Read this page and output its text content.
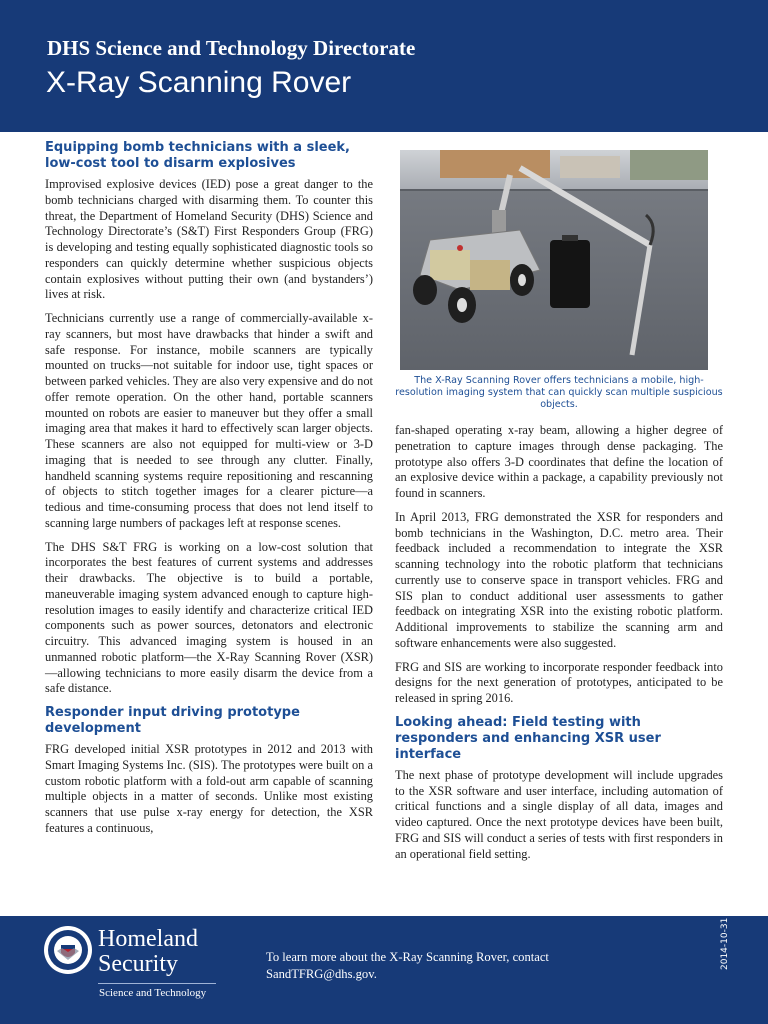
DHS Science and Technology Directorate
X-Ray Scanning Rover
Equipping bomb technicians with a sleek, low-cost tool to disarm explosives

Improvised explosive devices (IED) pose a great danger to the bomb technicians charged with disarming them. To counter this threat, the Department of Homeland Security (DHS) Science and Technology Directorate’s (S&T) First Responders Group (FRG) is developing and testing equally sophisticated diagnostic tools so responders can quickly determine whether suspicious objects contain explosives without putting their own (and bystanders’) lives at risk.

Technicians currently use a range of commercially-available x-ray scanners, but most have drawbacks that hinder a swift and safe response. For instance, mobile scanners are typically mounted on trucks—not suitable for indoor use, tight spaces or between parked vehicles. They are also very expensive and do not offer remote operation. On the other hand, portable scanners mounted on robots are easier to maneuver but they offer a small imaging area that makes it hard to effectively scan larger objects. These scanners are also not equipped for multi-view or 3-D imaging that is needed to see through any clutter. Finally, handheld scanning systems require repositioning and rescanning of objects to stitch together images for a clearer picture—a tedious and time-consuming process that does not lend itself to scanning large numbers of packages left at response scenes.

The DHS S&T FRG is working on a low-cost solution that incorporates the best features of current systems and addresses their drawbacks. The objective is to build a portable, maneuverable imaging system advanced enough to capture high-resolution images to easily identify and characterize critical IED components such as power sources, detonators and electronic circuitry. This advanced imaging system is housed in an unmanned robotic platform—the X-Ray Scanning Rover (XSR)—allowing technicians to more easily disarm the device from a safe distance.

Responder input driving prototype development

FRG developed initial XSR prototypes in 2012 and 2013 with Smart Imaging Systems Inc. (SIS). The prototypes were built on a custom robotic platform with a fold-out arm capable of scanning multiple objects in a matter of seconds. Unlike most existing scanners that use pulse x-ray energy for detection, the XSR features a continuous,

The X-Ray Scanning Rover offers technicians a mobile, high-resolution imaging system that can quickly scan multiple suspicious objects.

fan-shaped operating x-ray beam, allowing a higher degree of penetration to capture images through dense packaging. The prototype also offers 3-D coordinates that define the location of an explosive device within a package, a capability previously not found in scanners.

In April 2013, FRG demonstrated the XSR for responders and bomb technicians in the Washington, D.C. metro area. Their feedback included a recommendation to integrate the XSR scanning technology into the robotic platform that technicians currently use to conserve space in transport vehicles. FRG and SIS plan to conduct additional user assessments to gather feedback on integrating XSR into the existing robotic platform. Additional improvements to stabilize the scanning arm and software enhancements were also suggested.

FRG and SIS are working to incorporate responder feedback into designs for the next generation of prototypes, anticipated to be released in spring 2016.

Looking ahead: Field testing with responders and enhancing XSR user interface

The next phase of prototype development will include upgrades to the XSR software and user interface, including automation of critical functions and a single display of all data, images and video captured. Once the next prototype devices have been built, FRG and SIS will conduct a series of tests with first responders in an operational field setting.

Homeland
Security
Science and Technology
To learn more about the X-Ray Scanning Rover, contact SandTFRG@dhs.gov.
2014-10-31
